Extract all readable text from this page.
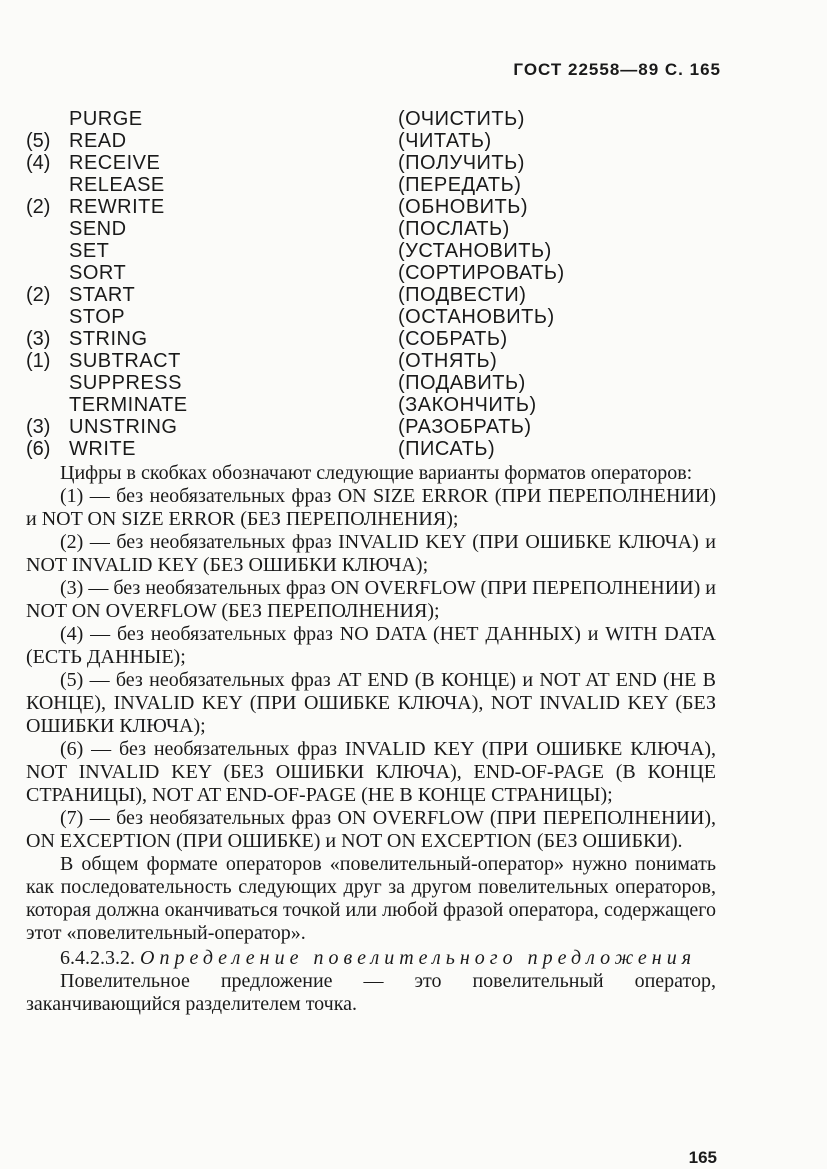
ГОСТ 22558—89 С. 165
PURGE	(ОЧИСТИТЬ)
(5) READ	(ЧИТАТЬ)
(4) RECEIVE	(ПОЛУЧИТЬ)
RELEASE	(ПЕРЕДАТЬ)
(2) REWRITE	(ОБНОВИТЬ)
SEND	(ПОСЛАТЬ)
SET	(УСТАНОВИТЬ)
SORT	(СОРТИРОВАТЬ)
(2) START	(ПОДВЕСТИ)
STOP	(ОСТАНОВИТЬ)
(3) STRING	(СОБРАТЬ)
(1) SUBTRACT	(ОТНЯТЬ)
SUPPRESS	(ПОДАВИТЬ)
TERMINATE	(ЗАКОНЧИТЬ)
(3) UNSTRING	(РАЗОБРАТЬ)
(6) WRITE	(ПИСАТЬ)

Цифры в скобках обозначают следующие варианты форматов операторов:

(1) — без необязательных фраз ON SIZE ERROR (ПРИ ПЕРЕПОЛНЕНИИ) и NOT ON SIZE ERROR (БЕЗ ПЕРЕПОЛНЕНИЯ);

(2) — без необязательных фраз INVALID KEY (ПРИ ОШИБКЕ КЛЮЧА) и NOT INVALID KEY (БЕЗ ОШИБКИ КЛЮЧА);

(3) — без необязательных фраз ON OVERFLOW (ПРИ ПЕРЕПОЛНЕНИИ) и NOT ON OVERFLOW (БЕЗ ПЕРЕПОЛНЕНИЯ);

(4) — без необязательных фраз NO DATA (НЕТ ДАННЫХ) и WITH DATA (ЕСТЬ ДАННЫЕ);

(5) — без необязательных фраз AT END (В КОНЦЕ) и NOT AT END (НЕ В КОНЦЕ), INVALID KEY (ПРИ ОШИБКЕ КЛЮЧА), NOT INVALID KEY (БЕЗ ОШИБКИ КЛЮЧА);

(6) — без необязательных фраз INVALID KEY (ПРИ ОШИБКЕ КЛЮЧА), NOT INVALID KEY (БЕЗ ОШИБКИ КЛЮЧА), END-OF-PAGE (В КОНЦЕ СТРАНИЦЫ), NOT AT END-OF-PAGE (НЕ В КОНЦЕ СТРАНИЦЫ);

(7) — без необязательных фраз ON OVERFLOW (ПРИ ПЕРЕПОЛНЕНИИ), ON EXCEPTION (ПРИ ОШИБКЕ) и NOT ON EXCEPTION (БЕЗ ОШИБКИ).

В общем формате операторов «повелительный-оператор» нужно понимать как последовательность следующих друг за другом повелительных операторов, которая должна оканчиваться точкой или любой фразой оператора, содержащего этот «повелительный-оператор».

6.4.2.3.2. Определение повелительного предложения

Повелительное предложение — это повелительный оператор, заканчивающийся разделителем точка.

165
